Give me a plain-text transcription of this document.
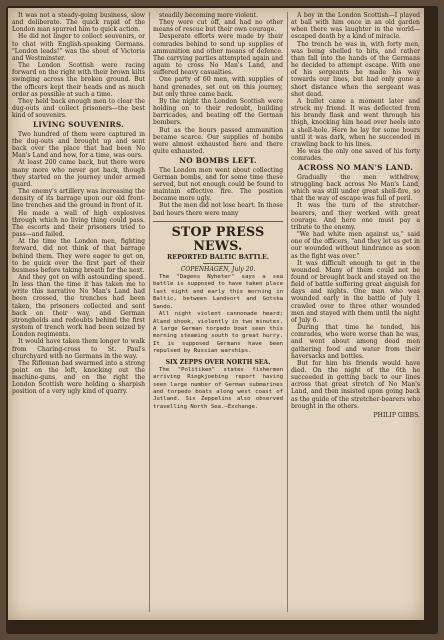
It was not a steady-going business, slow and deliberate. The quick rapid of the London man spurred him to quick action.

He did not linger to collect souvenirs, or to chat with English-speaking Germans. "London leads!" was the shout of Victoria and Westminster.

The London Scottish were racing forward on the right with their brown kilts swinging across the broken ground. But the officers kept their heads and as much order as possible at such a time.

They held back enough men to clear the dug-outs and collect prisoners—the best kind of souvenirs.

LIVING SOUVENIRS.

Two hundred of them were captured in the dug-outs and brought up and sent back over the place that had been No Man's Land and now, for a time, was ours.

At least 200 came back, but there were many more who never got back, though they started on the journey under armed guard.

The enemy's artillery was increasing the density of its barrage upon our old front-line trenches and the ground in front of it.

He made a wall of high explosives through which no living thing could pass. The escorts and their prisoners tried to pass—and failed.

At the time the London men, fighting forward, did not think of that barrage behind them. They were eager to get on, to be quick over the first part of their business before taking breath for the next.

And they got on with astounding speed. In less than the time it has taken me to write this narrative No Man's Land had been crossed, the trenches had been taken, the prisoners collected and sent back on their way, and German strongholds and redoubts behind the first system of trench work had been seized by London regiments.

It would have taken them longer to walk from Charing-cross to St. Paul's churchyard with no Germans in the way.

The Rifleman had swarmed into a strong point on the left, knocking out the machine-guns, and on the right the London Scottish were holding a sharpish position of a very ugly kind of quarry.

steadily becoming more violent.

They were cut off, and had no other means of rescue but their own courage.

Desperate efforts were made by their comrades behind to send up supplies of ammunition and other means of defence. The carrying parties attempted again and again to cross No Man's Land, and suffered heavy casualties.

One party of 60 men, with supplies of hand grenades, set out on this journey, but only three came back.

By the night the London Scottish were holding on to their redoubt, building barricades, and beating off the German bombers.

But as the hours passed ammunition became scarce. Our supplies of bombs were almost exhausted here and there quite exhausted.

NO BOMBS LEFT.

The London men went about collecting German bombs, and for some time these served, but not enough could be found to maintain effective fire. The position became more ugly.

But the men did not lose heart. In those bad hours there were many

STOP PRESS NEWS.
REPORTED BALTIC BATTLE.
COPENHAGEN, July 20.

The "Dagens Nyheter" says a sea battle is supposed to have taken place last night and early this morning in Baltic, between Landsort and Gotska Sando.

All night violent cannonade heard; Aland shook, violently in two minutes. A large German torpedo boat seen this morning steaming south to great hurry. It is supposed Germans have been repulsed by Russian warships.

SIX ZEPPS OVER NORTH SEA.

The "Politiken" states fishermen arriving Ringkjoebing report having seen large number of German submarines and torpedo boats along west coast of Jutland. Six Zeppelins also observed travelling North Sea.—Exchange.

A boy in the London Scottish—I played at ball with him once in an old garden when there was laughter in the world—escaped death by a kind of miracle.

The trench he was in, with forty men, was being shelled to bits, and rather than fall into the hands of the Germans he decided to attempt escape. With one of his sergeants he made his way towards our lines, but had only gone a short distance when the sergeant was shot dead.

A bullet came a moment later and struck my friend. It was deflected from his brandy flask and went through his thigh, knocking him head over heels into a shell-hole. Here he lay for some hours until it was dark, when he succeeded in crawling back to his lines.

He was the only one saved of his forty comrades.

ACROSS NO MAN'S LAND.

Gradually the men withdrew, struggling back across No Man's Land, which was still under great shell-fire, so that the way of escape was full of peril.

It was the turn of the stretcher-bearers, and they worked with great courage. And here one must pay a tribute to the enemy.

"We had white men against us," said one of the officers, "and they let us get in our wounded without hindrance as soon as the fight was over."

It was difficult enough to get in the wounded. Many of them could not be found or brought back and stayed on the field of battle suffering great anguish for days and nights. One man who was wounded early in the battle of July 1 crawled over to three other wounded men and stayed with them until the night of July 6.

During that time he tended, his comrades, who were worse than he was, and went about among dead men gathering food and water from their haversacks and bottles.

But for him his friends would have died. On the night of the 6th he succeeded in getting back to our lines across that great stretch of No Man's Land, and then insisted upon going back as the guide of the stretcher-bearers who brought in the others.

PHILIP GIBBS.
